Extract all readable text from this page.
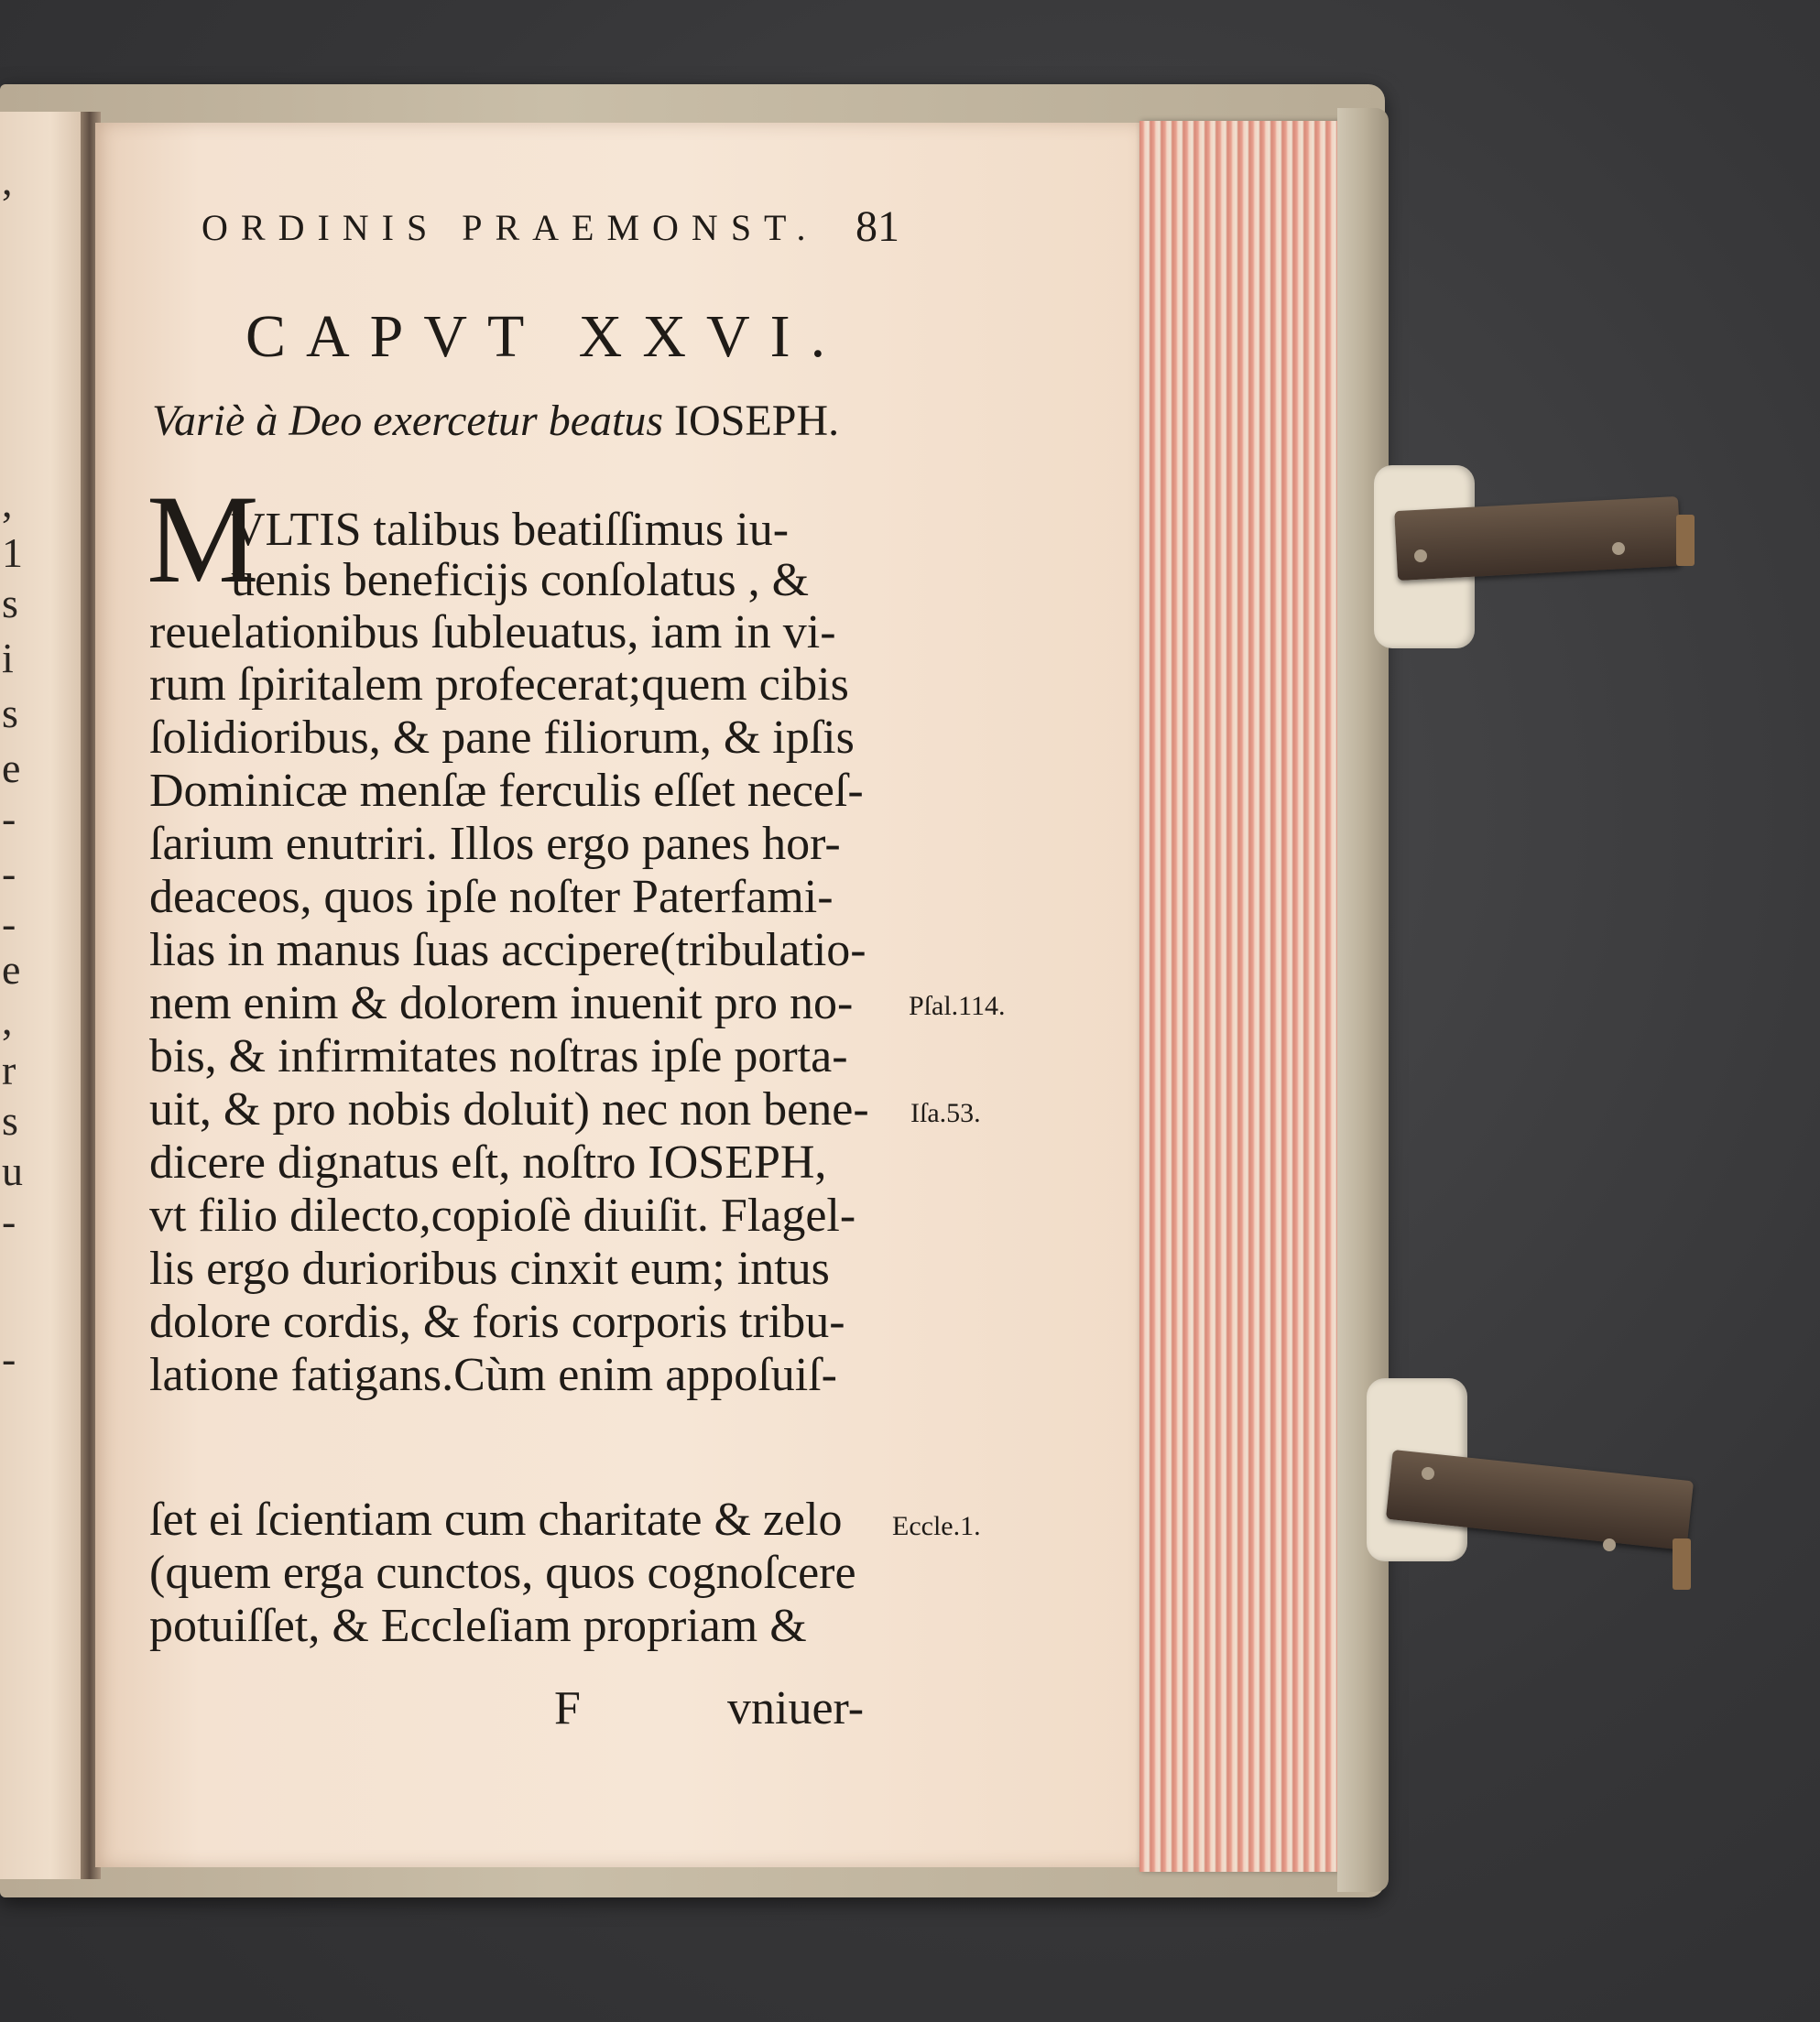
,
,
1
s
i
s
e
-
-
-
e
,
r
s
u
-
-
ORDINIS PRAEMONST. 81
CAPVT XXVI.
Variè à Deo exercetur beatus IOSEPH.
M
VLTIS talibus beatiſſimus iu-
uenis beneficijs conſolatus , &
reuelationibus ſubleuatus, iam in vi-
rum ſpiritalem profecerat;quem cibis
ſolidioribus, & pane filiorum, & ipſis
Dominicæ menſæ ferculis eſſet neceſ-
ſarium enutriri. Illos ergo panes hor-
deaceos, quos ipſe noſter Paterfami-
lias in manus ſuas accipere(tribulatio-
nem enim & dolorem inuenit pro no-
bis, & infirmitates noſtras ipſe porta-
uit, & pro nobis doluit) nec non bene-
dicere dignatus eſt, noſtro IOSEPH,
vt filio dilecto,copioſè diuiſit. Flagel-
lis ergo durioribus cinxit eum; intus
dolore cordis, & foris corporis tribu-
latione fatigans.Cùm enim appoſuiſ-
ſet ei ſcientiam cum charitate & zelo
(quem erga cunctos, quos cognoſcere
potuiſſet, & Eccleſiam propriam &
Pſal.114.
Iſa.53.
Eccle.1.
F	vniuer-
